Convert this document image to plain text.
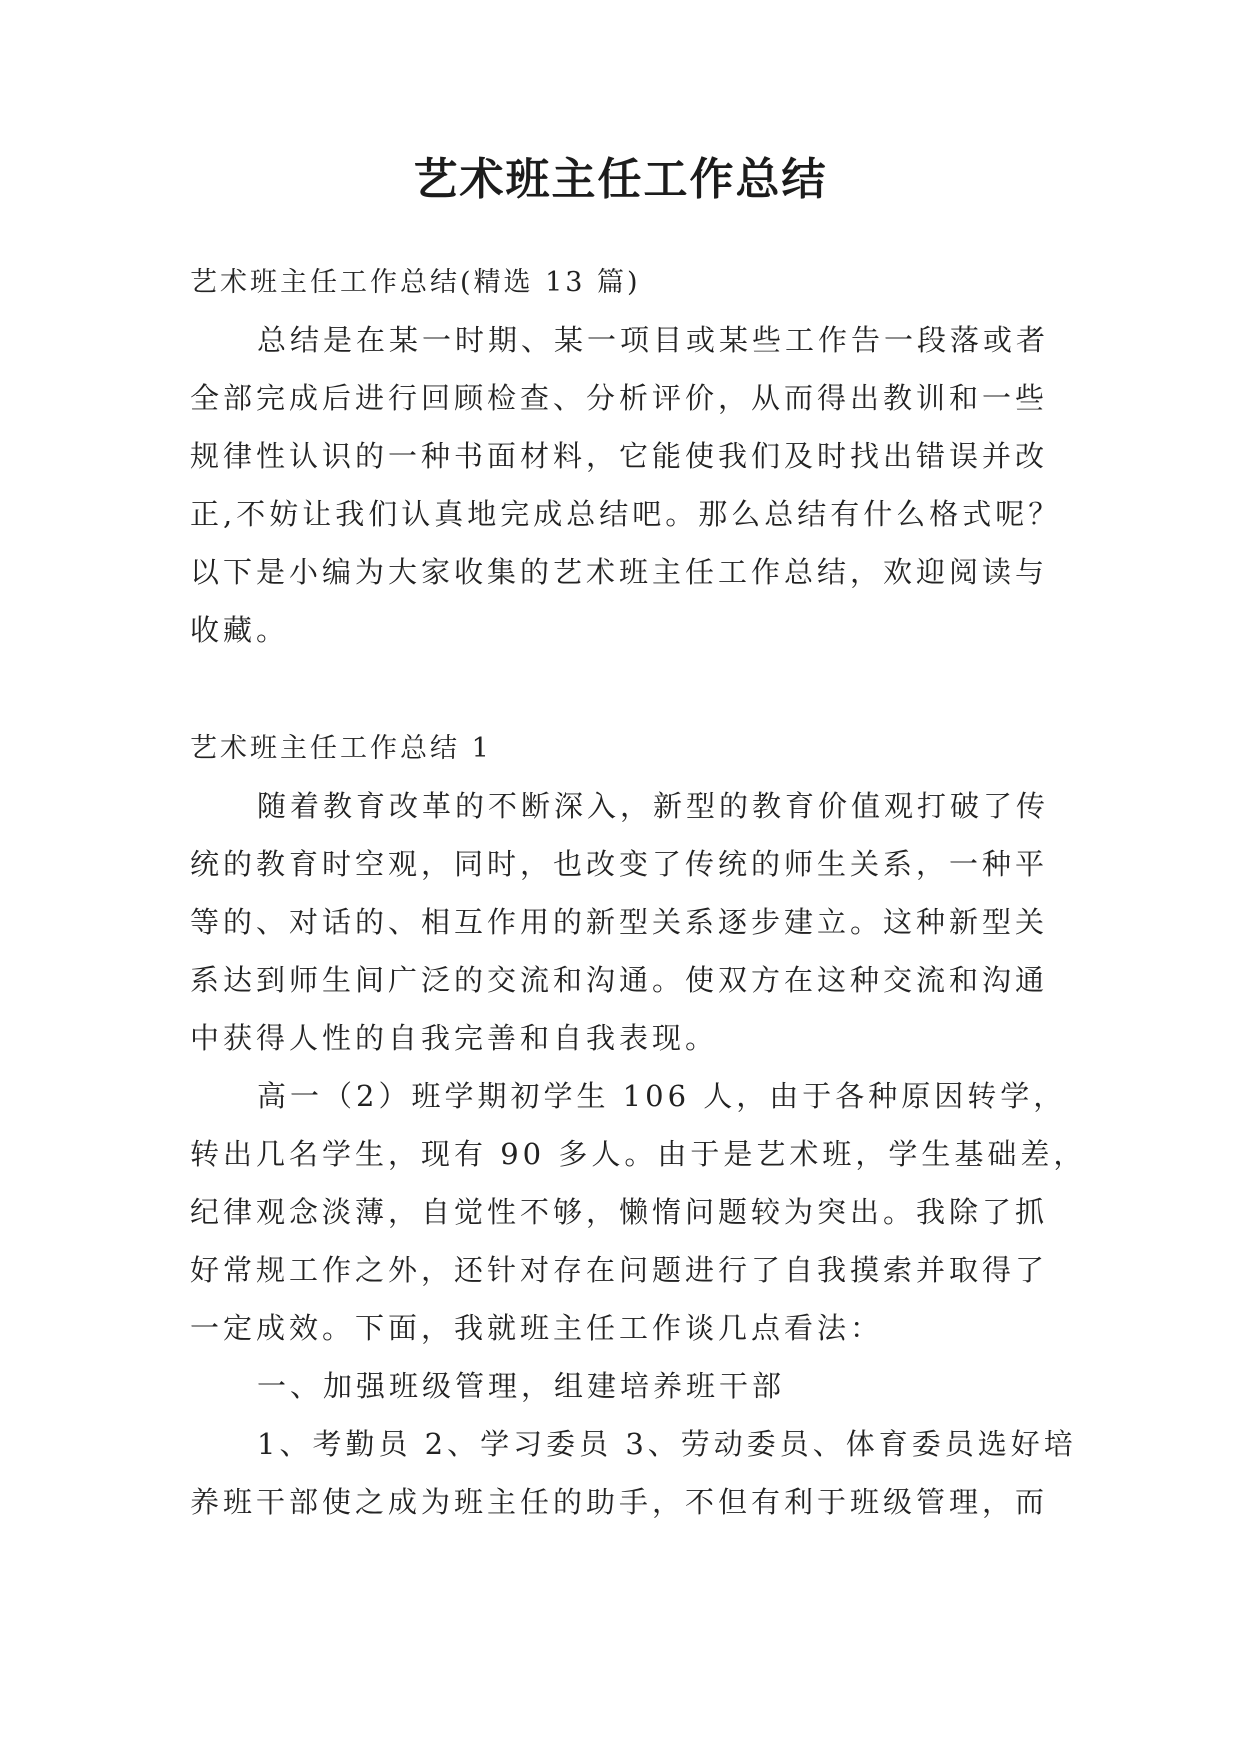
艺术班主任工作总结
艺术班主任工作总结(精选 13 篇)
总结是在某一时期、某一项目或某些工作告一段落或者
全部完成后进行回顾检查、分析评价，从而得出教训和一些
规律性认识的一种书面材料，它能使我们及时找出错误并改
正,不妨让我们认真地完成总结吧。那么总结有什么格式呢？
以下是小编为大家收集的艺术班主任工作总结，欢迎阅读与
收藏。
艺术班主任工作总结 1
随着教育改革的不断深入，新型的教育价值观打破了传
统的教育时空观，同时，也改变了传统的师生关系，一种平
等的、对话的、相互作用的新型关系逐步建立。这种新型关
系达到师生间广泛的交流和沟通。使双方在这种交流和沟通
中获得人性的自我完善和自我表现。
高一（2）班学期初学生 106 人，由于各种原因转学，
转出几名学生，现有 90 多人。由于是艺术班，学生基础差，
纪律观念淡薄，自觉性不够，懒惰问题较为突出。我除了抓
好常规工作之外，还针对存在问题进行了自我摸索并取得了
一定成效。下面，我就班主任工作谈几点看法：
一、加强班级管理，组建培养班干部
1、考勤员 2、学习委员 3、劳动委员、体育委员选好培
养班干部使之成为班主任的助手，不但有利于班级管理，而
